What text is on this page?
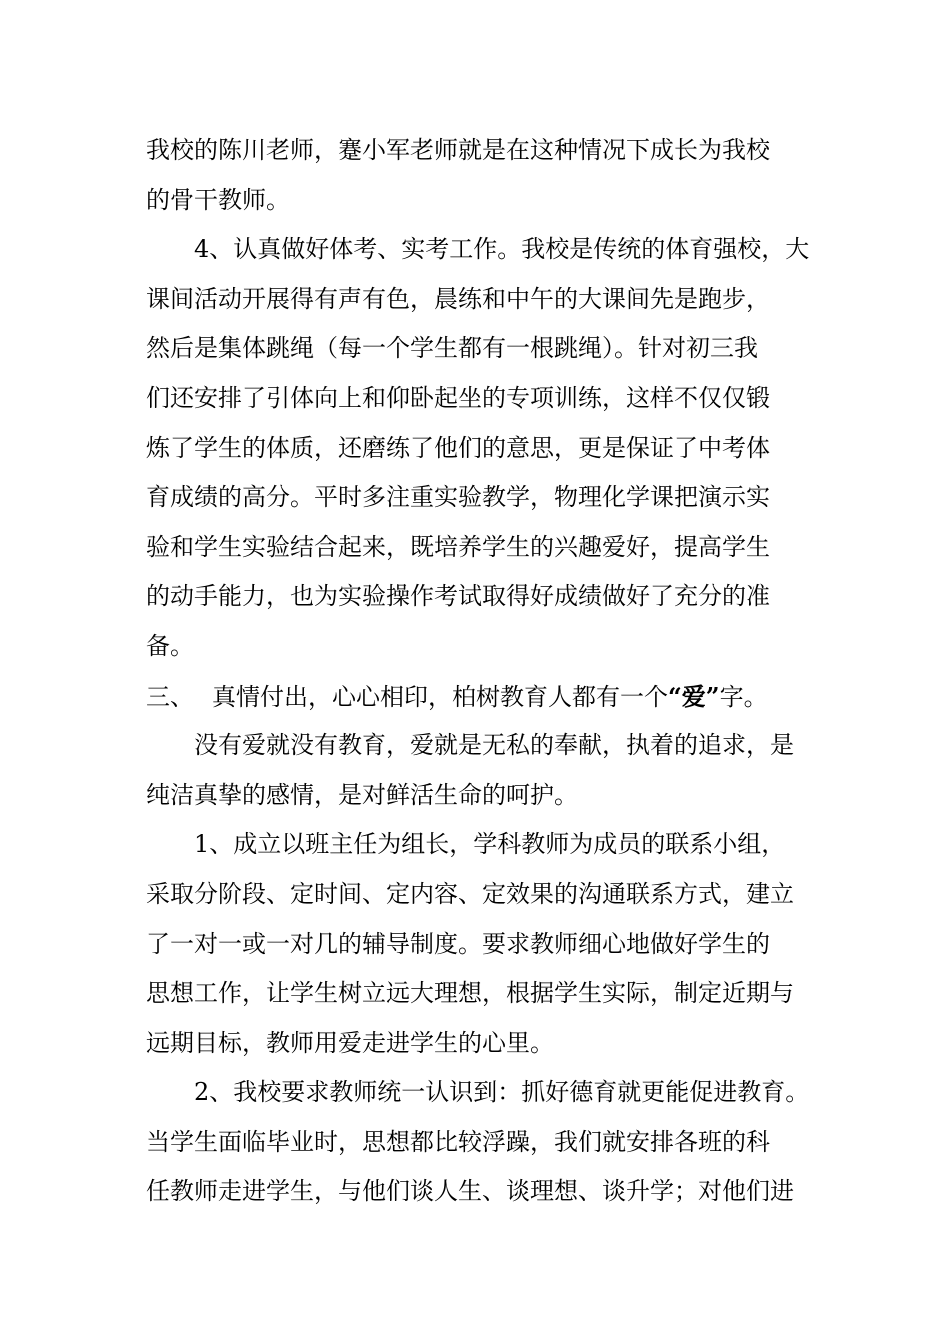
我校的陈川老师，蹇小军老师就是在这种情况下成长为我校
的骨干教师。
4、认真做好体考、实考工作。我校是传统的体育强校，大
课间活动开展得有声有色，晨练和中午的大课间先是跑步，
然后是集体跳绳（每一个学生都有一根跳绳）。针对初三我
们还安排了引体向上和仰卧起坐的专项训练，这样不仅仅锻
炼了学生的体质，还磨练了他们的意思，更是保证了中考体
育成绩的高分。平时多注重实验教学，物理化学课把演示实
验和学生实验结合起来，既培养学生的兴趣爱好，提高学生
的动手能力，也为实验操作考试取得好成绩做好了充分的准
备。
三、 真情付出，心心相印，柏树教育人都有一个“爱”字。
没有爱就没有教育，爱就是无私的奉献，执着的追求，是
纯洁真挚的感情，是对鲜活生命的呵护。
1、成立以班主任为组长，学科教师为成员的联系小组，
采取分阶段、定时间、定内容、定效果的沟通联系方式，建立
了一对一或一对几的辅导制度。要求教师细心地做好学生的
思想工作，让学生树立远大理想，根据学生实际，制定近期与
远期目标，教师用爱走进学生的心里。
2、我校要求教师统一认识到：抓好德育就更能促进教育。
当学生面临毕业时，思想都比较浮躁，我们就安排各班的科
任教师走进学生，与他们谈人生、谈理想、谈升学；对他们进
